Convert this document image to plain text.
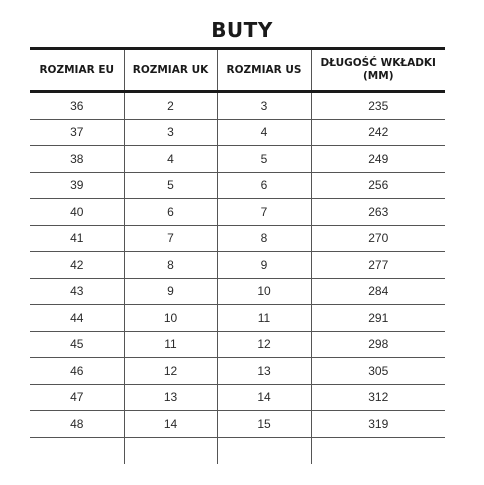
BUTY
ROZMIAR EU	ROZMIAR UK	ROZMIAR US	DŁUGOŚĆ WKŁADKI (MM)
36	2	3	235
37	3	4	242
38	4	5	249
39	5	6	256
40	6	7	263
41	7	8	270
42	8	9	277
43	9	10	284
44	10	11	291
45	11	12	298
46	12	13	305
47	13	14	312
48	14	15	319
